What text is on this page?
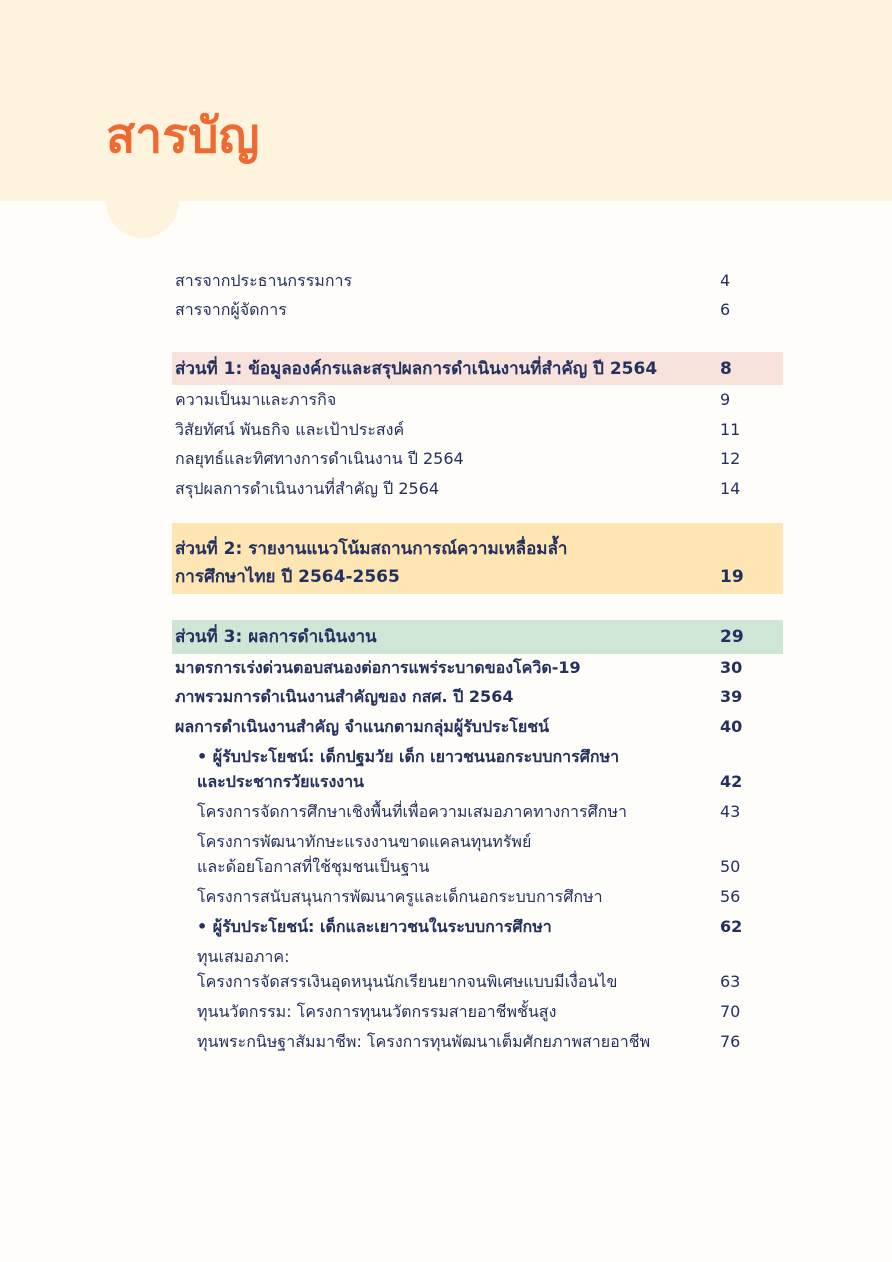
สารบัญ
สารจากประธานกรรมการ	4
สารจากผู้จัดการ	6
ส่วนที่ 1: ข้อมูลองค์กรและสรุปผลการดำเนินงานที่สำคัญ ปี 2564	8
ความเป็นมาและภารกิจ	9
วิสัยทัศน์ พันธกิจ และเป้าประสงค์	11
กลยุทธ์และทิศทางการดำเนินงาน ปี 2564	12
สรุปผลการดำเนินงานที่สำคัญ ปี 2564	14
ส่วนที่ 2: รายงานแนวโน้มสถานการณ์ความเหลื่อมล้ำ
การศึกษาไทย ปี 2564-2565	19
ส่วนที่ 3: ผลการดำเนินงาน	29
มาตรการเร่งด่วนตอบสนองต่อการแพร่ระบาดของโควิด-19	30
ภาพรวมการดำเนินงานสำคัญของ กสศ. ปี 2564	39
ผลการดำเนินงานสำคัญ จำแนกตามกลุ่มผู้รับประโยชน์	40
• ผู้รับประโยชน์: เด็กปฐมวัย เด็ก เยาวชนนอกระบบการศึกษา
และประชากรวัยแรงงาน	42
โครงการจัดการศึกษาเชิงพื้นที่เพื่อความเสมอภาคทางการศึกษา	43
โครงการพัฒนาทักษะแรงงานขาดแคลนทุนทรัพย์
และด้อยโอกาสที่ใช้ชุมชนเป็นฐาน	50
โครงการสนับสนุนการพัฒนาครูและเด็กนอกระบบการศึกษา	56
• ผู้รับประโยชน์: เด็กและเยาวชนในระบบการศึกษา	62
ทุนเสมอภาค:
โครงการจัดสรรเงินอุดหนุนนักเรียนยากจนพิเศษแบบมีเงื่อนไข	63
ทุนนวัตกรรม: โครงการทุนนวัตกรรมสายอาชีพชั้นสูง	70
ทุนพระกนิษฐาสัมมาชีพ: โครงการทุนพัฒนาเต็มศักยภาพสายอาชีพ	76
